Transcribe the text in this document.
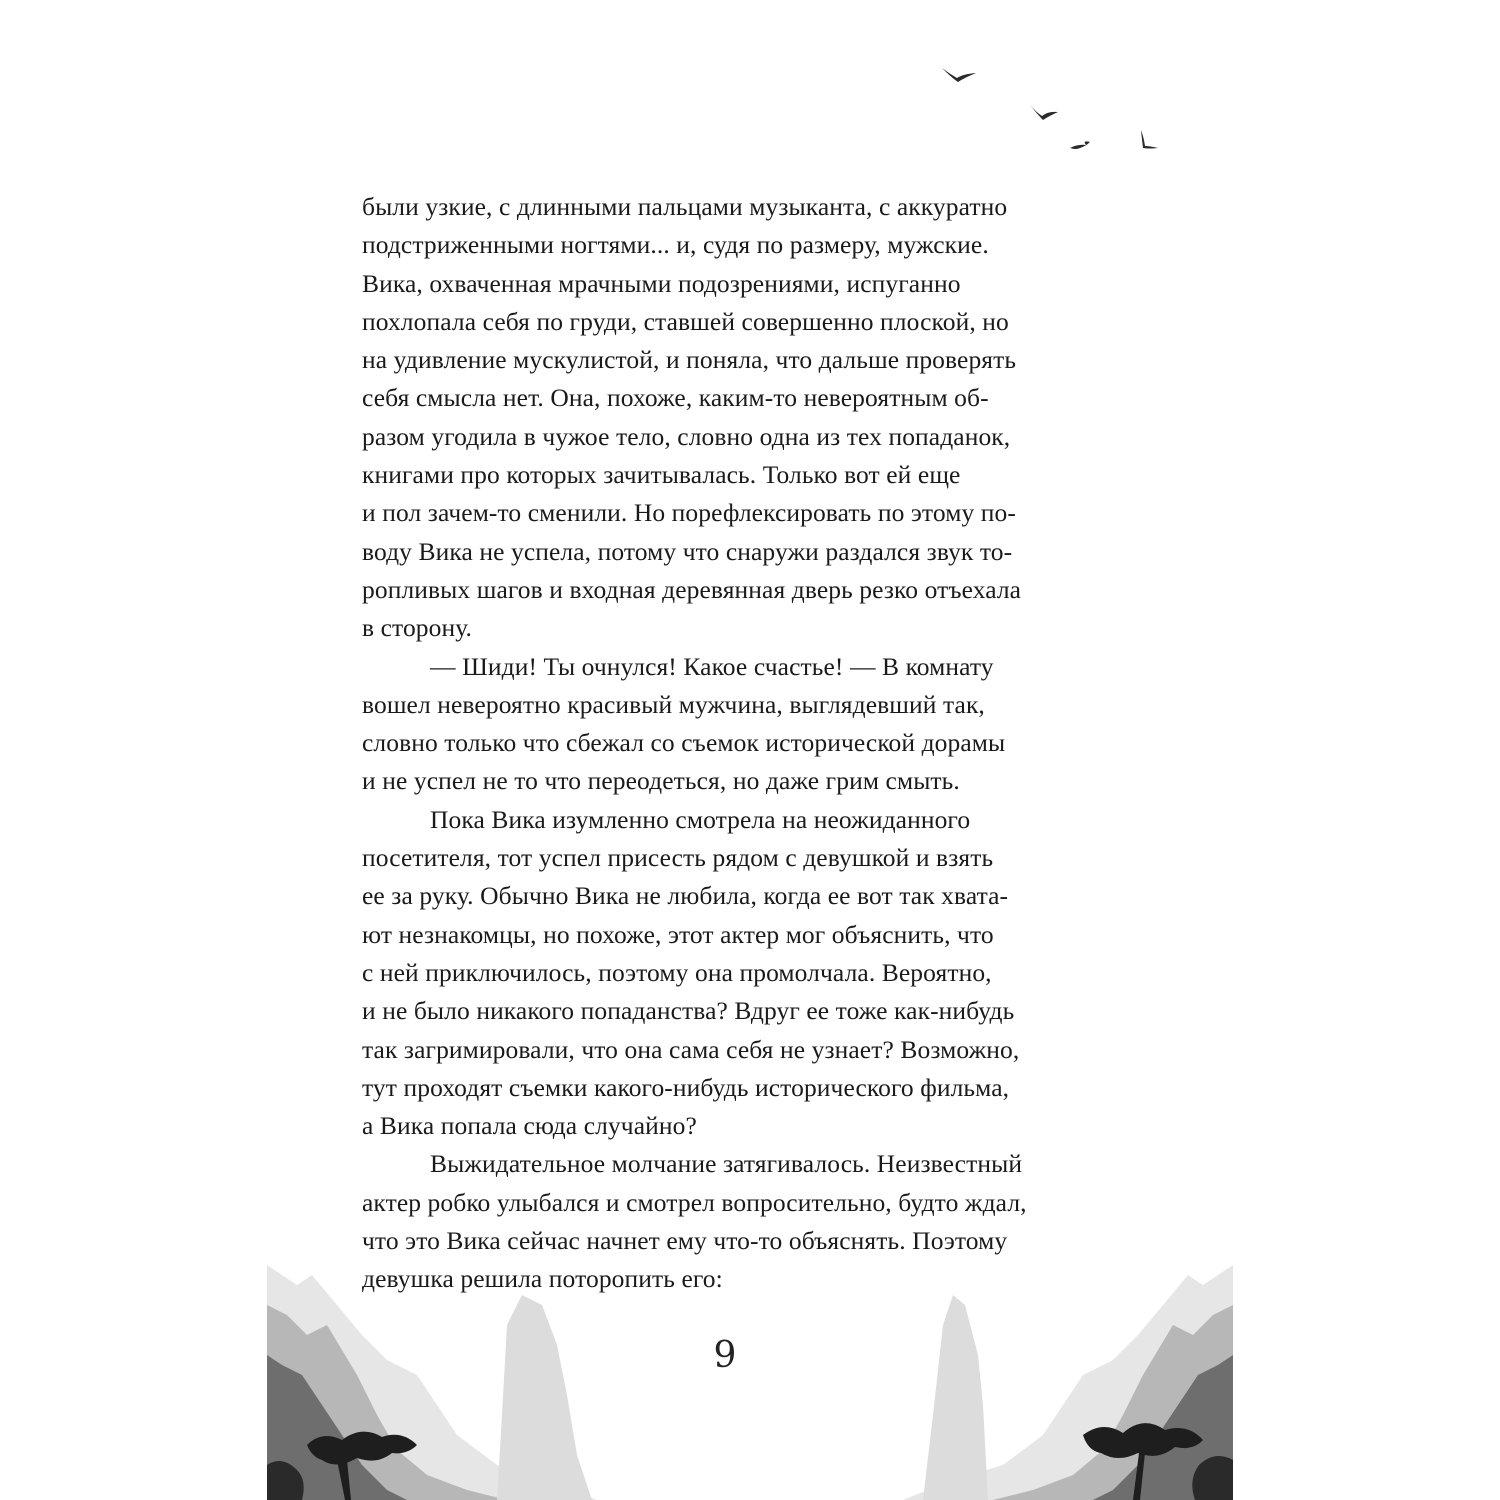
были узкие, с длинными пальцами музыканта, с аккуратно
подстриженными ногтями... и, судя по размеру, мужские.
Вика, охваченная мрачными подозрениями, испуганно
похлопала себя по груди, ставшей совершенно плоской, но
на удивление мускулистой, и поняла, что дальше проверять
себя смысла нет. Она, похоже, каким-то невероятным об-
разом угодила в чужое тело, словно одна из тех попаданок,
книгами про которых зачитывалась. Только вот ей еще
и пол зачем-то сменили. Но порефлексировать по этому по-
воду Вика не успела, потому что снаружи раздался звук то-
ропливых шагов и входная деревянная дверь резко отъехала
в сторону.
— Шиди! Ты очнулся! Какое счастье! — В комнату
вошел невероятно красивый мужчина, выглядевший так,
словно только что сбежал со съемок исторической дорамы
и не успел не то что переодеться, но даже грим смыть.
Пока Вика изумленно смотрела на неожиданного
посетителя, тот успел присесть рядом с девушкой и взять
ее за руку. Обычно Вика не любила, когда ее вот так хвата-
ют незнакомцы, но похоже, этот актер мог объяснить, что
с ней приключилось, поэтому она промолчала. Вероятно,
и не было никакого попаданства? Вдруг ее тоже как-нибудь
так загримировали, что она сама себя не узнает? Возможно,
тут проходят съемки какого-нибудь исторического фильма,
а Вика попала сюда случайно?
Выжидательное молчание затягивалось. Неизвестный
актер робко улыбался и смотрел вопросительно, будто ждал,
что это Вика сейчас начнет ему что-то объяснять. Поэтому
девушка решила поторопить его:
9
